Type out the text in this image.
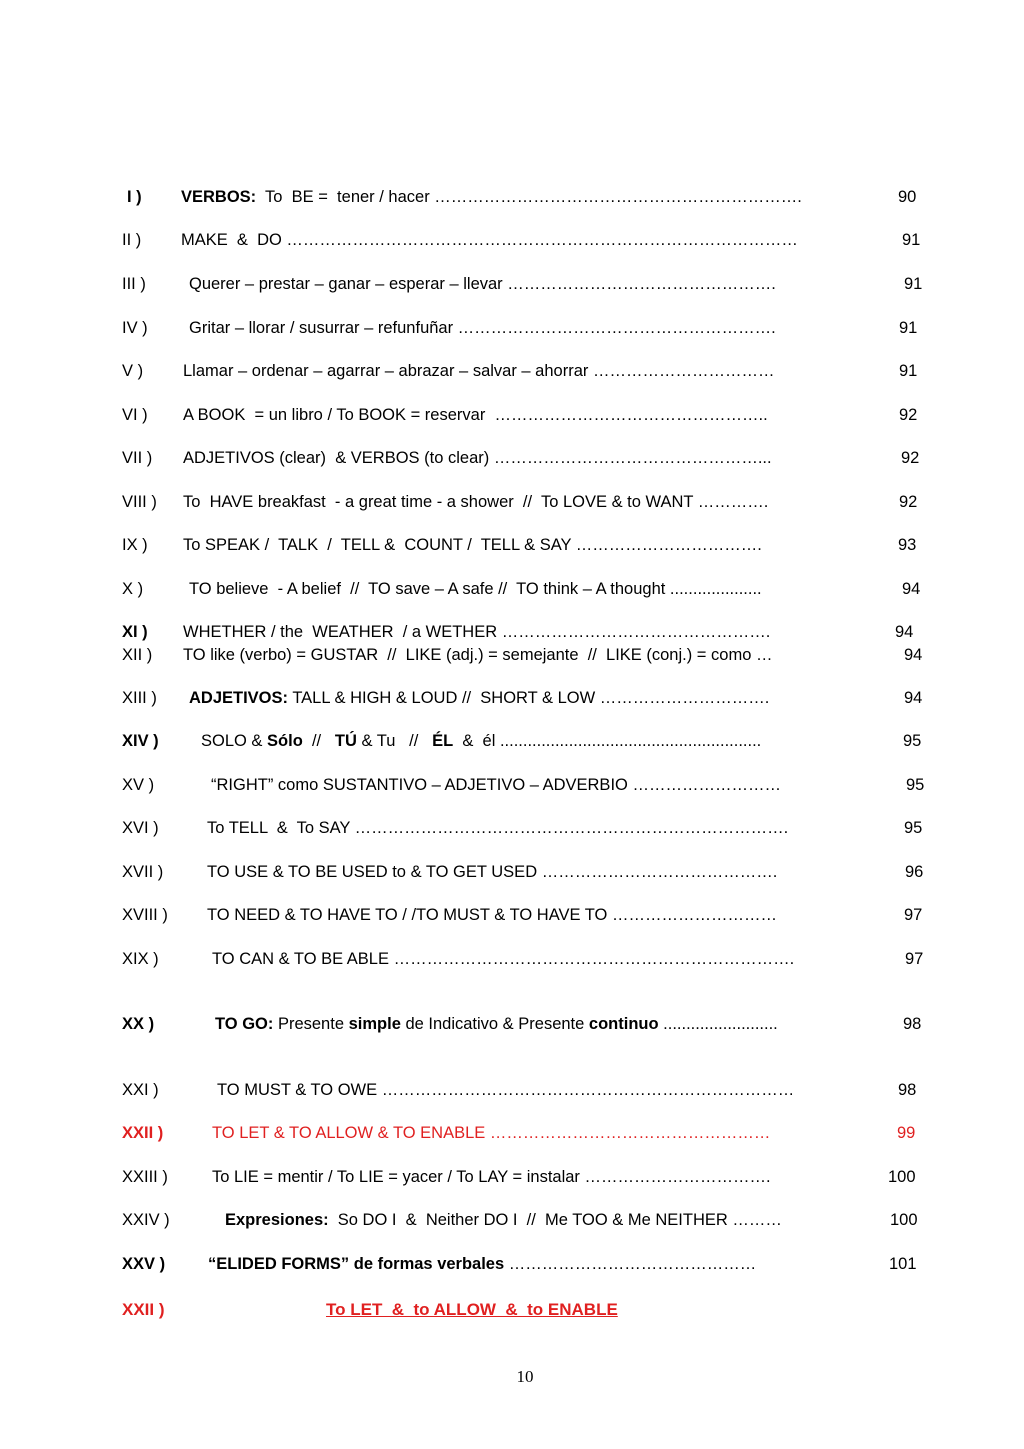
I ) VERBOS:  To  BE =  tener / hacer ………………………………………………………….	90
II ) MAKE  &  DO …………………………………………………………………………………	91
III )	Querer – prestar – ganar – esperar – llevar ………………………………………….	91
IV )	Gritar – llorar / susurrar – refunfuñar ………………………………………………….	91
V ) Llamar – ordenar – agarrar – abrazar – salvar – ahorrar ……………………………	91
VI ) A BOOK  = un libro / To BOOK = reservar  …………………………………………..	92
VII ) ADJETIVOS (clear)  & VERBOS (to clear) …………………………………………...	92
VIII ) To  HAVE breakfast  - a great time - a shower  //  To LOVE & to WANT ………….	92
IX ) To SPEAK /  TALK  /  TELL &  COUNT /  TELL & SAY …………………………….	93
X )	TO believe  - A belief  //  TO save – A safe //  TO think – A thought ....................	94
XI ) WHETHER / the  WEATHER  / a WETHER ………………………………………….	94
XII ) TO like (verbo) = GUSTAR  //  LIKE (adj.) = semejante  //  LIKE (conj.) = como …	94
XIII ) ADJETIVOS: TALL & HIGH & LOUD //  SHORT & LOW ………………………….	94
XIV )	SOLO & Sólo  //   TÚ & Tu   //   ÉL  &  él .........................................................	95
XV )	“RIGHT” como SUSTANTIVO – ADJETIVO – ADVERBIO ………………………	95
XVI )	To TELL  &  To SAY …………………………………………………………………….	95
XVII )	TO USE & TO BE USED to & TO GET USED …………………………………….	96
XVIII ) TO NEED & TO HAVE TO / /TO MUST & TO HAVE TO …………………………	97
XIX )	TO CAN & TO BE ABLE ……………………………………………………………….	97
XX )	TO GO: Presente simple de Indicativo & Presente continuo .........................	98
XXI )	TO MUST & TO OWE …………………………………………………………………	98
XXII )	TO LET & TO ALLOW & TO ENABLE ……………………………………………	99
XXIII )	To LIE = mentir / To LIE = yacer / To LAY = instalar …………………………….	100
XXIV )	Expresiones:  So DO I  &  Neither DO I  //  Me TOO & Me NEITHER ………	100
XXV )	“ELIDED FORMS” de formas verbales ………………………………………	101
XXII )	To LET  &  to ALLOW  &  to ENABLE
10
